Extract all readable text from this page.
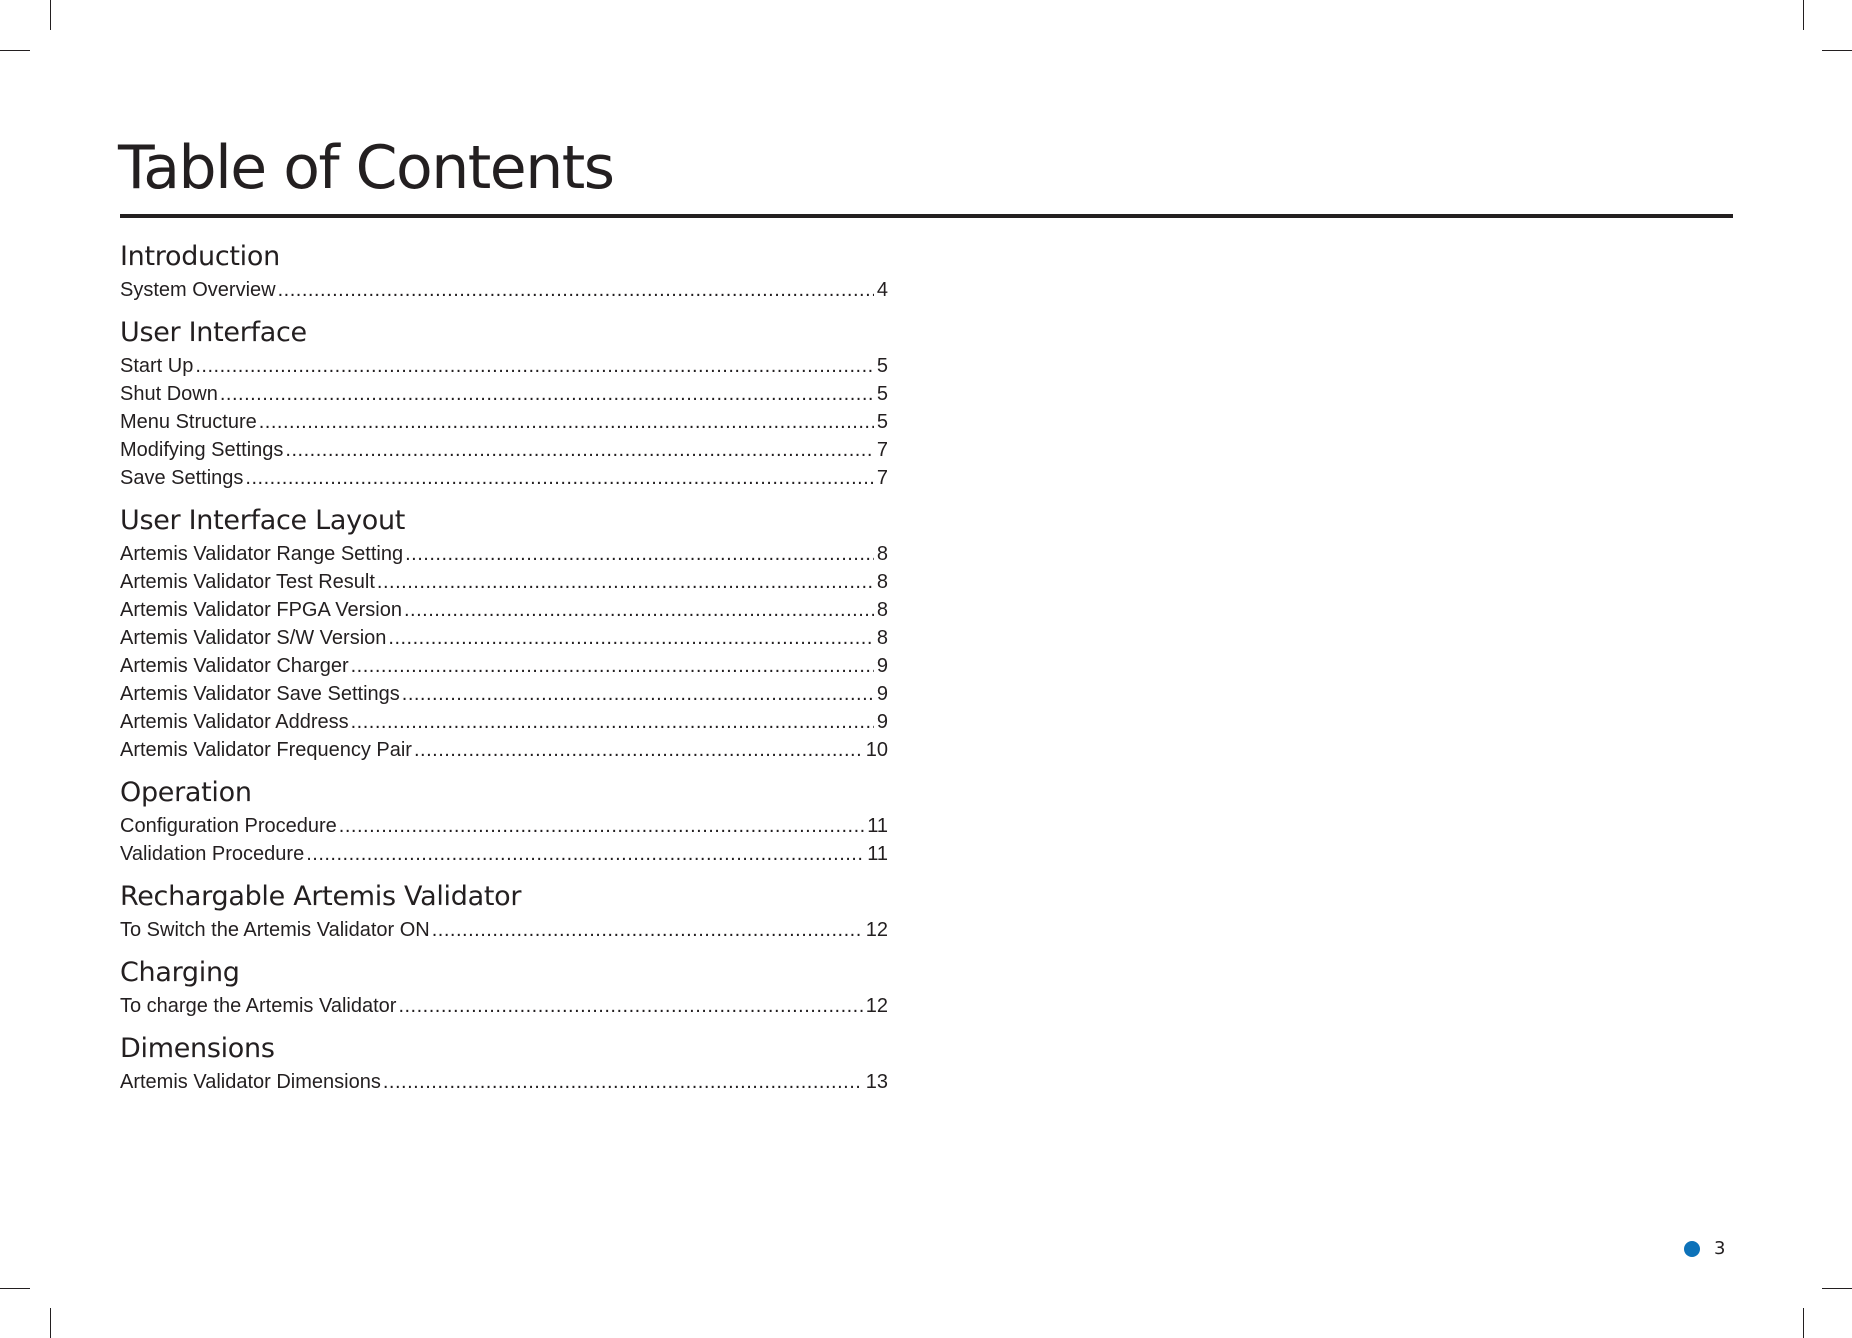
Table of Contents
Introduction
System Overview .....	4
User Interface
Start Up .....	5
Shut Down .....	5
Menu Structure .....	5
Modifying Settings .....	7
Save Settings .....	7
User Interface Layout
Artemis Validator Range Setting .....	8
Artemis Validator Test Result .....	8
Artemis Validator FPGA Version .....	8
Artemis Validator S/W Version .....	8
Artemis Validator Charger .....	9
Artemis Validator Save Settings .....	9
Artemis Validator Address .....	9
Artemis Validator Frequency Pair .....	10
Operation
Configuration Procedure .....	11
Validation Procedure .....	11
Rechargable Artemis Validator
To Switch the Artemis Validator ON .....	12
Charging
To charge the Artemis Validator .....	12
Dimensions
Artemis Validator Dimensions .....	13
3
